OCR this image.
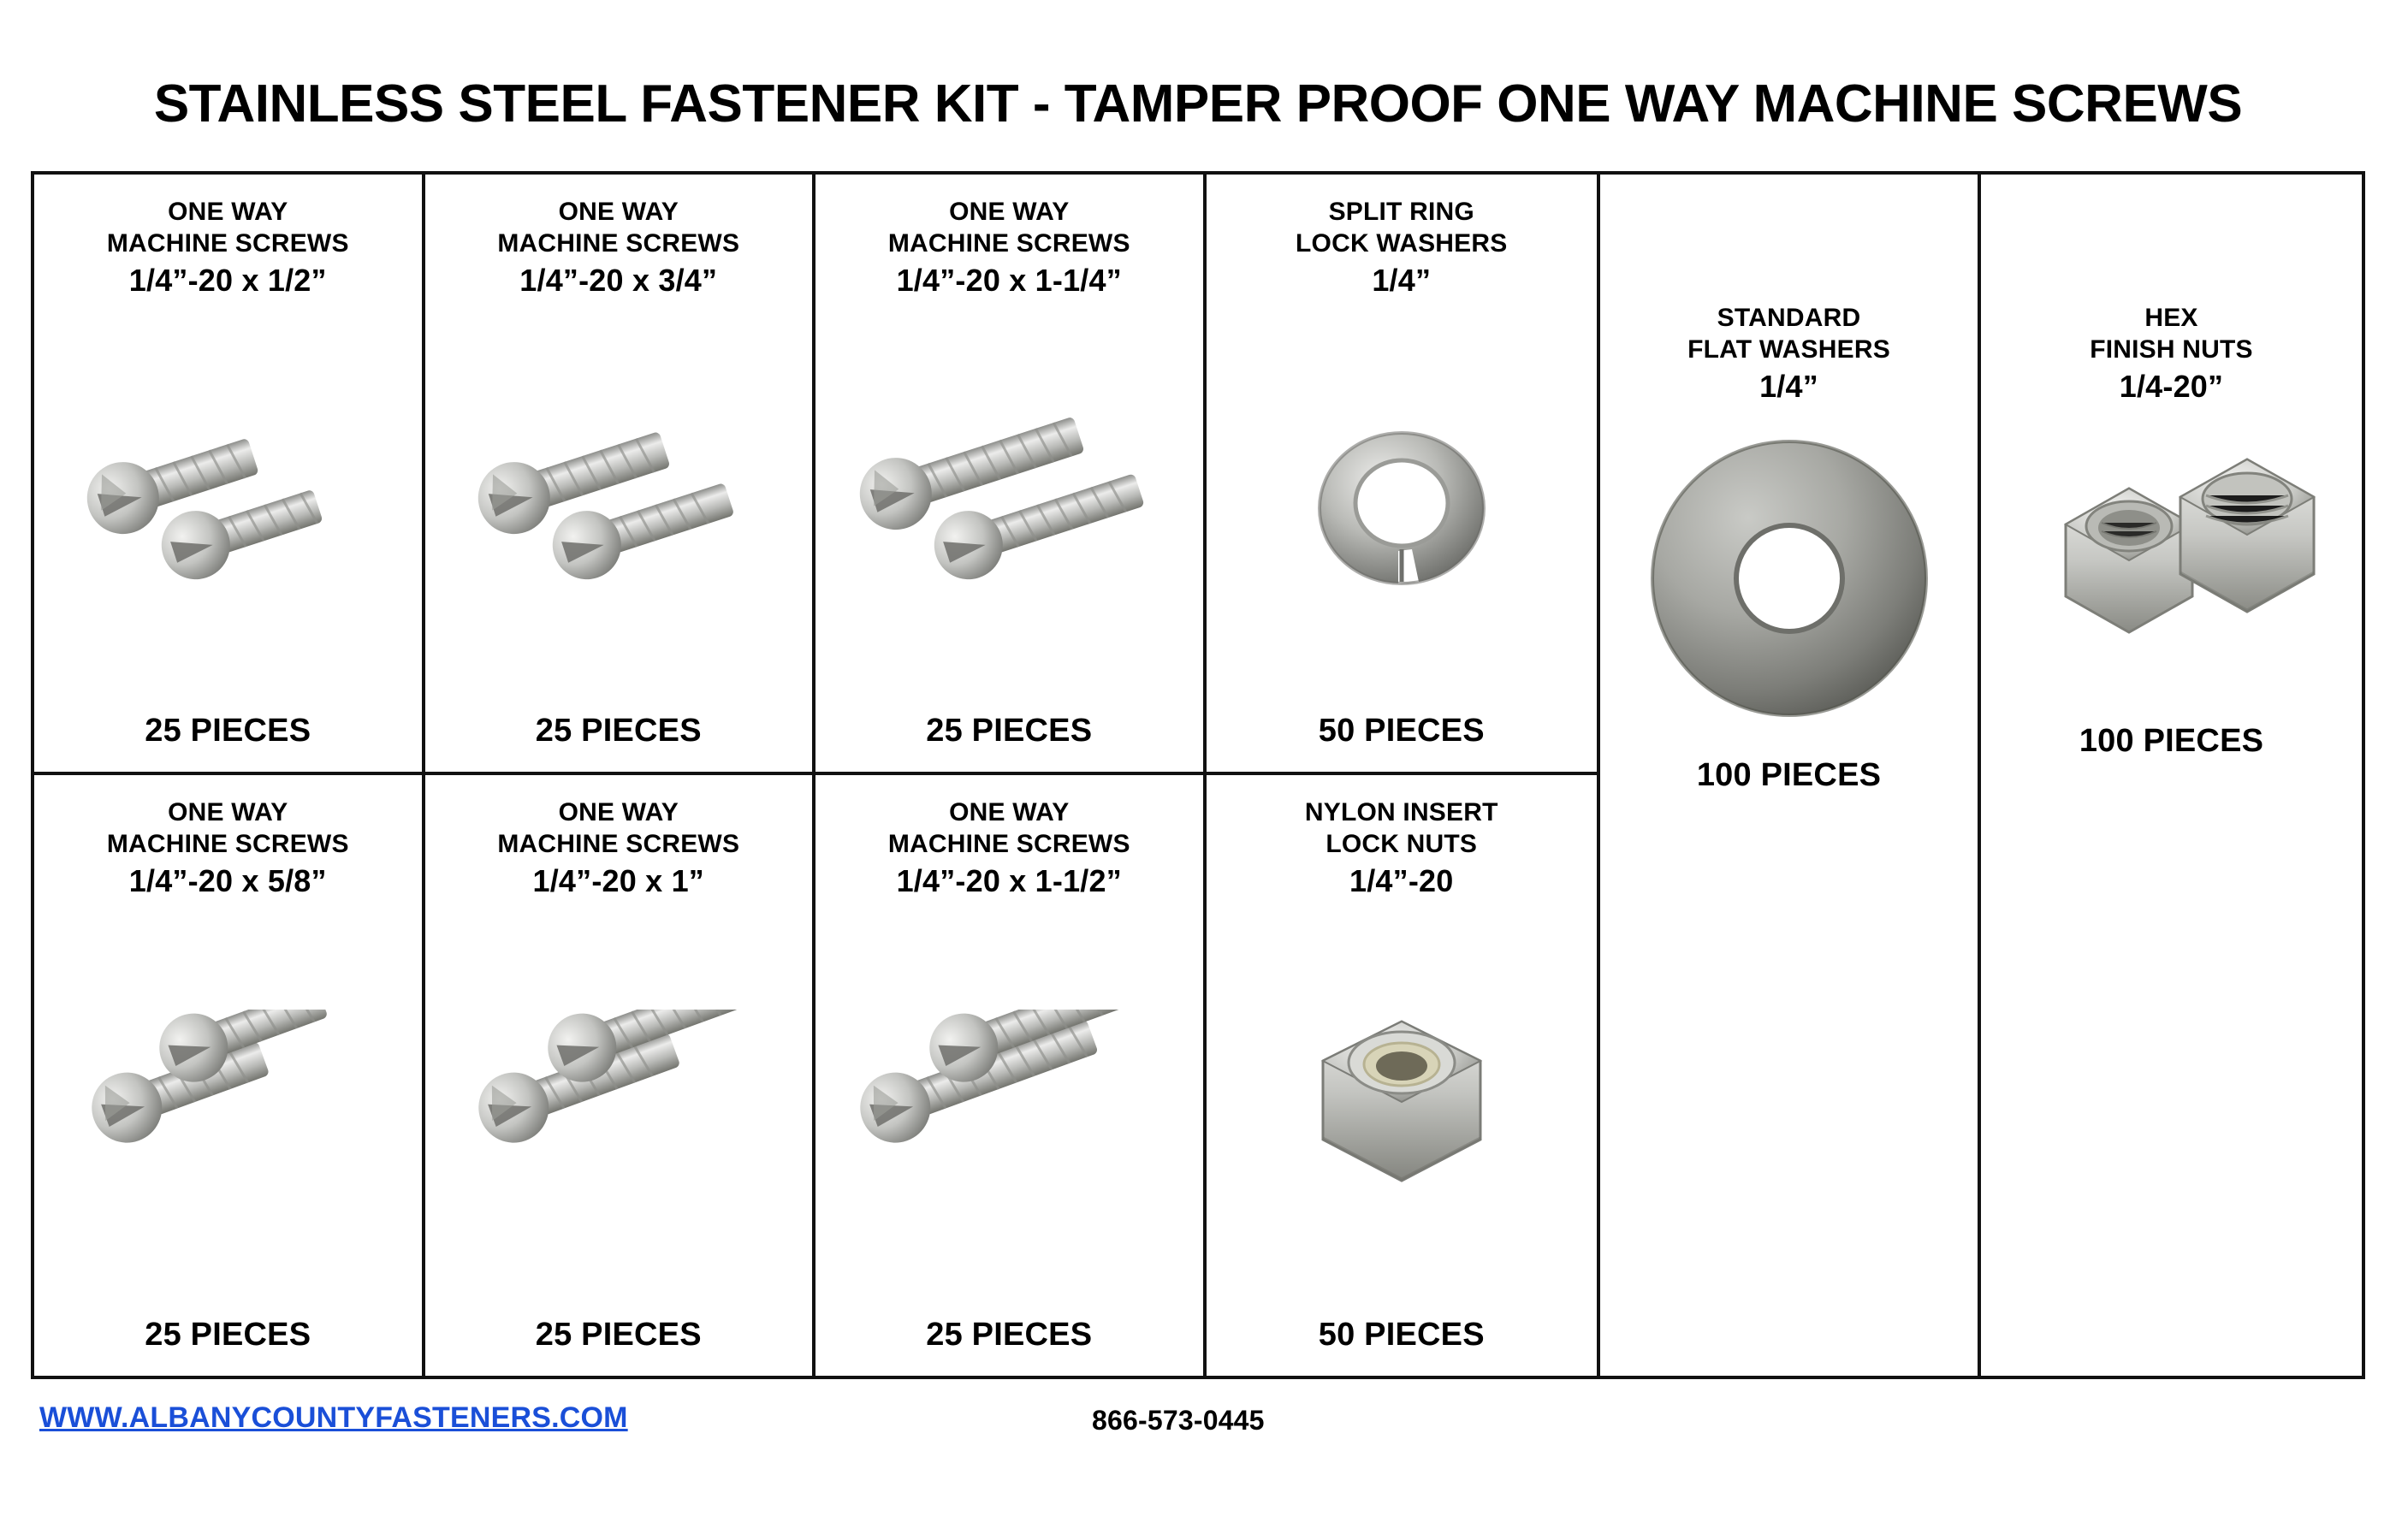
STAINLESS STEEL FASTENER KIT - TAMPER PROOF ONE WAY MACHINE SCREWS
ONE WAY
MACHINE SCREWS
1/4”-20 x 1/2”
25 PIECES
ONE WAY
MACHINE SCREWS
1/4”-20 x 3/4”
25 PIECES
ONE WAY
MACHINE SCREWS
1/4”-20 x 1-1/4”
25 PIECES
SPLIT RING
LOCK WASHERS
1/4”
50 PIECES
ONE WAY
MACHINE SCREWS
1/4”-20 x 5/8”
25 PIECES
ONE WAY
MACHINE SCREWS
1/4”-20 x 1”
25 PIECES
ONE WAY
MACHINE SCREWS
1/4”-20 x 1-1/2”
25 PIECES
NYLON INSERT
LOCK NUTS
1/4”-20
50 PIECES
STANDARD
FLAT WASHERS
1/4”
100 PIECES
HEX
FINISH NUTS
1/4-20”
100 PIECES
WWW.ALBANYCOUNTYFASTENERS.COM	866-573-0445
